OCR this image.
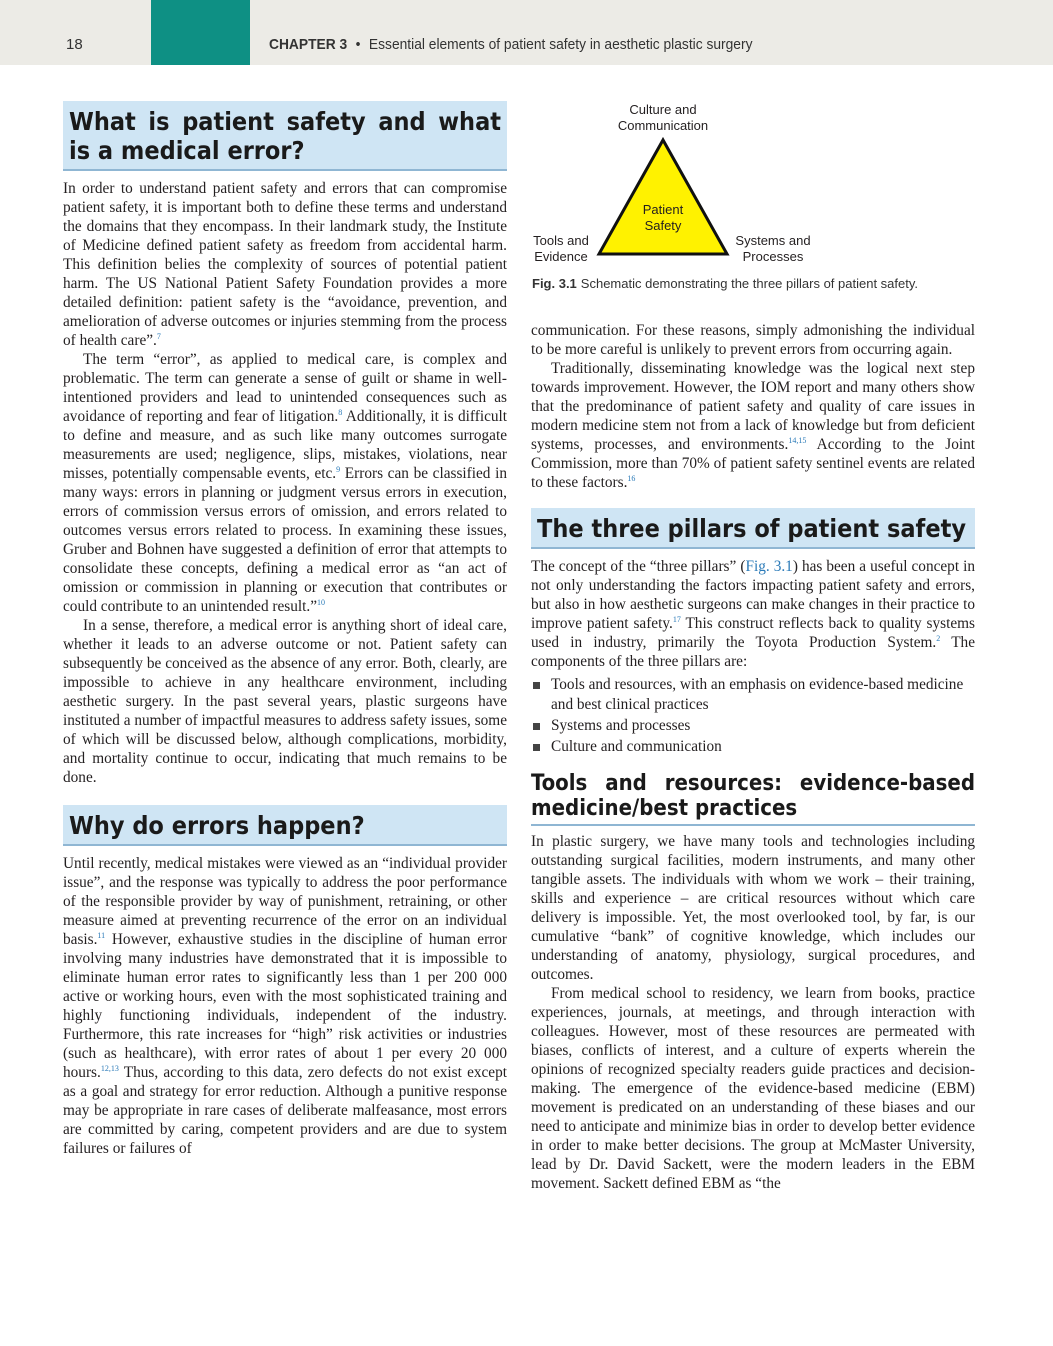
18	CHAPTER 3 • Essential elements of patient safety in aesthetic plastic surgery
What is patient safety and what is a medical error?

In order to understand patient safety and errors that can compromise patient safety, it is important both to define these terms and understand the domains that they encompass. In their landmark study, the Institute of Medicine defined patient safety as freedom from accidental harm. This definition belies the complexity of sources of potential patient harm. The US National Patient Safety Foundation provides a more detailed definition: patient safety is the “avoidance, prevention, and amelioration of adverse outcomes or injuries stemming from the process of health care”.$^7$

The term “error”, as applied to medical care, is complex and problematic. The term can generate a sense of guilt or shame in well-intentioned providers and lead to unintended consequences such as avoidance of reporting and fear of litigation.$^8$ Additionally, it is difficult to define and measure, and as such like many outcomes surrogate measurements are used; negligence, slips, mistakes, violations, near misses, potentially compensable events, etc.$^9$ Errors can be classified in many ways: errors in planning or judgment versus errors in execution, errors of commission versus errors of omission, and errors related to outcomes versus errors related to process. In examining these issues, Gruber and Bohnen have suggested a definition of error that attempts to consolidate these concepts, defining a medical error as “an act of omission or commission in planning or execution that contributes or could contribute to an unintended result.”$^{10}$

In a sense, therefore, a medical error is anything short of ideal care, whether it leads to an adverse outcome or not. Patient safety can subsequently be conceived as the absence of any error. Both, clearly, are impossible to achieve in any healthcare environment, including aesthetic surgery. In the past several years, plastic surgeons have instituted a number of impactful measures to address safety issues, some of which will be discussed below, although complications, morbidity, and mortality continue to occur, indicating that much remains to be done.

Why do errors happen?

Until recently, medical mistakes were viewed as an “individual provider issue”, and the response was typically to address the poor performance of the responsible provider by way of punishment, retraining, or other measure aimed at preventing recurrence of the error on an individual basis.$^{11}$ However, exhaustive studies in the discipline of human error involving many industries have demonstrated that it is impossible to eliminate human error rates to significantly less than 1 per 200 000 active or working hours, even with the most sophisticated training and highly functioning individuals, independent of the industry. Furthermore, this rate increases for “high” risk activities or industries (such as healthcare), with error rates of about 1 per every 20 000 hours.$^{12,13}$ Thus, according to this data, zero defects do not exist except as a goal and strategy for error reduction. Although a punitive response may be appropriate in rare cases of deliberate malfeasance, most errors are committed by caring, competent providers and are due to system failures or failures of

Culture and
Communication
Patient
Safety
Tools and
Evidence
Systems and
Processes
Fig. 3.1 Schematic demonstrating the three pillars of patient safety.

communication. For these reasons, simply admonishing the individual to be more careful is unlikely to prevent errors from occurring again.

Traditionally, disseminating knowledge was the logical next step towards improvement. However, the IOM report and many others show that the predominance of patient safety and quality of care issues in modern medicine stem not from a lack of knowledge but from deficient systems, processes, and environments.$^{14,15}$ According to the Joint Commission, more than 70% of patient safety sentinel events are related to these factors.$^{16}$

The three pillars of patient safety

The concept of the “three pillars” (Fig. 3.1) has been a useful concept in not only understanding the factors impacting patient safety and errors, but also in how aesthetic surgeons can make changes in their practice to improve patient safety.$^{17}$ This construct reflects back to quality systems used in industry, primarily the Toyota Production System.$^2$ The components of the three pillars are:

Tools and resources, with an emphasis on evidence-based medicine and best clinical practices
Systems and processes
Culture and communication
Tools and resources: evidence-based medicine/best practices

In plastic surgery, we have many tools and technologies including outstanding surgical facilities, modern instruments, and many other tangible assets. The individuals with whom we work – their training, skills and experience – are critical resources without which care delivery is impossible. Yet, the most overlooked tool, by far, is our cumulative “bank” of cognitive knowledge, which includes our understanding of anatomy, physiology, surgical procedures, and outcomes.

From medical school to residency, we learn from books, practice experiences, journals, at meetings, and through interaction with colleagues. However, most of these resources are permeated with biases, conflicts of interest, and a culture of experts wherein the opinions of recognized specialty readers guide practices and decision-making. The emergence of the evidence-based medicine (EBM) movement is predicated on an understanding of these biases and our need to anticipate and minimize bias in order to develop better evidence in order to make better decisions. The group at McMaster University, lead by Dr. David Sackett, were the modern leaders in the EBM movement. Sackett defined EBM as “the
